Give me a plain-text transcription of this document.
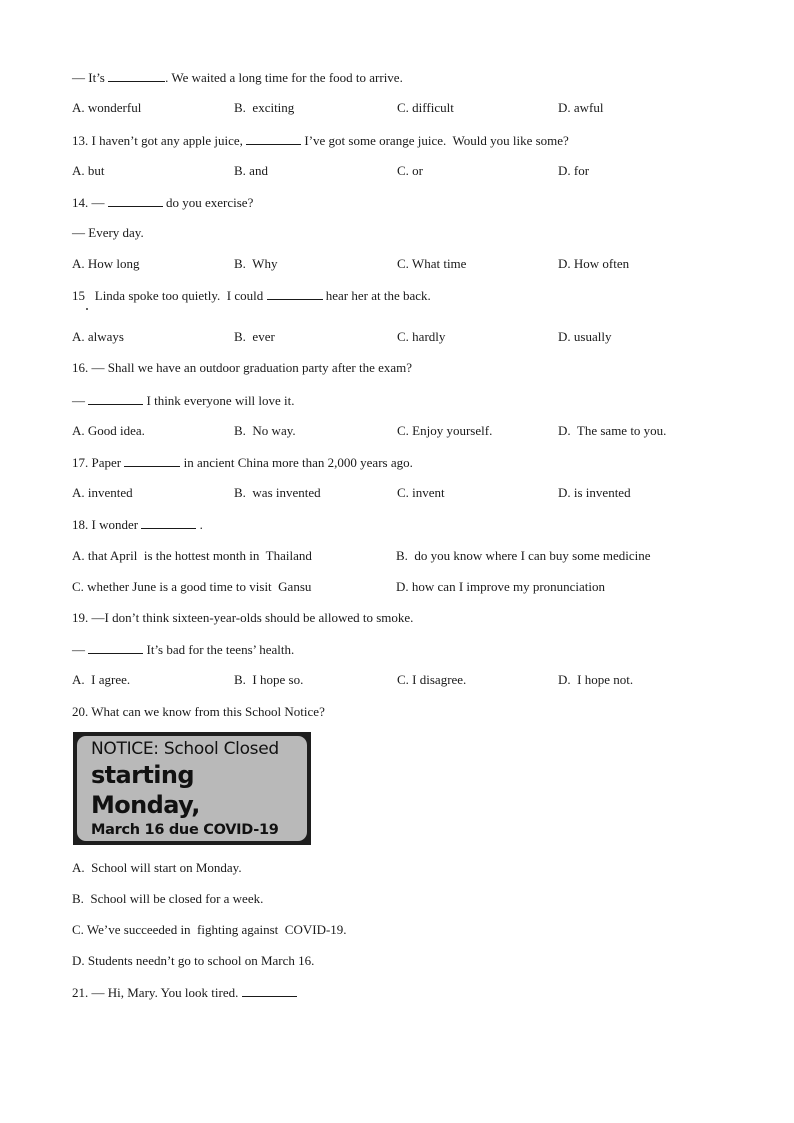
— It’s	. We waited a long time for the food to arrive.
A. wonderful	B.  exciting	C. difficult	D. awful
13. I haven’t got any apple juice,	I’ve got some orange juice.  Would you like some?
A. but	B. and	C. or	D. for
14. —	do you exercise?
— Every day.
A. How long	B.  Why	C. What time	D. How often
15   Linda spoke too quietly.  I could	hear her at the back.
A. always	B.  ever	C. hardly	D. usually
16. — Shall we have an outdoor graduation party after the exam?
—	I think everyone will love it.
A. Good idea.	B.  No way.	C. Enjoy yourself.	D.  The same to you.
17. Paper	in ancient China more than 2,000 years ago.
A. invented	B.  was invented	C. invent	D. is invented
18. I wonder	.
A. that April  is the hottest month in  Thailand	B.  do you know where I can buy some medicine
C. whether June is a good time to visit  Gansu	D. how can I improve my pronunciation
19. —I don’t think sixteen-year-olds should be allowed to smoke.
—	It’s bad for the teens’ health.
A.  I agree.	B.  I hope so.	C. I disagree.	D.  I hope not.
20. What can we know from this School Notice?
NOTICE: School Closed
starting Monday,
March 16 due COVID-19
A.  School will start on Monday.
B.  School will be closed for a week.
C. We’ve succeeded in  fighting against  COVID-19.
D. Students needn’t go to school on March 16.
21. — Hi, Mary. You look tired.
